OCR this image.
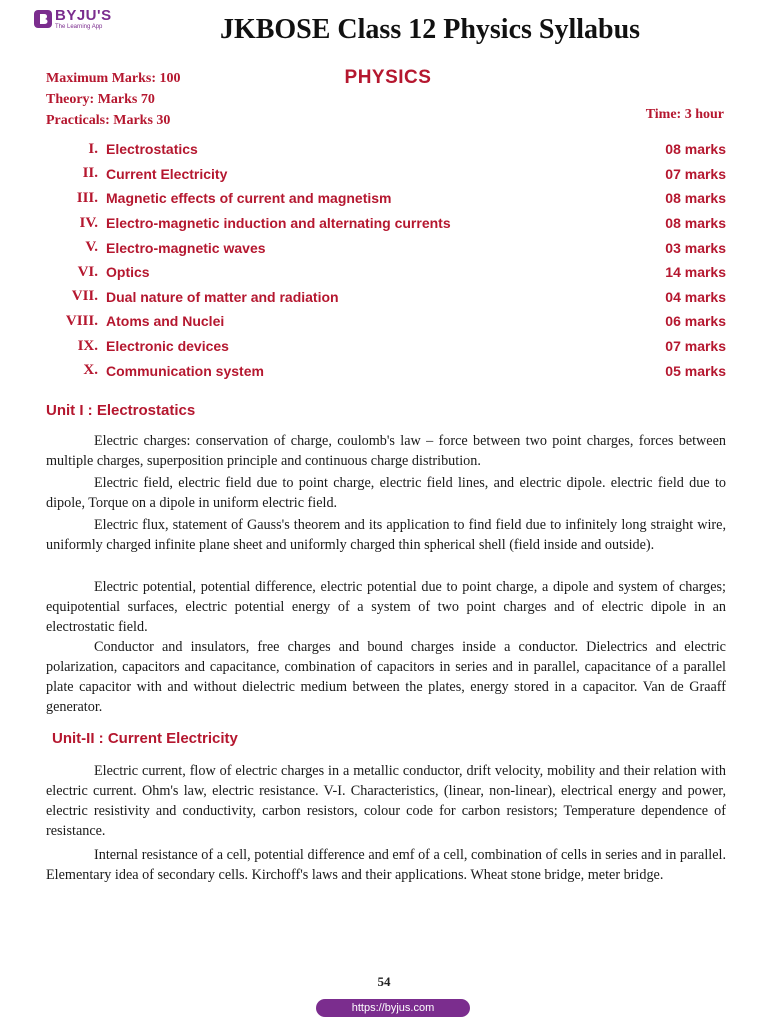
BYJU'S
The Learning App	JKBOSE Class 12 Physics Syllabus
Maximum Marks: 100
Theory: Marks 70
Practicals: Marks 30
PHYSICS
Time: 3 hour
I. Electrostatics	08 marks
II. Current Electricity	07 marks
III. Magnetic effects of current and magnetism	08 marks
IV. Electro-magnetic induction and alternating currents	08 marks
V. Electro-magnetic waves	03 marks
VI. Optics	14 marks
VII. Dual nature of matter and radiation	04 marks
VIII. Atoms and Nuclei	06 marks
IX. Electronic devices	07 marks
X. Communication system	05 marks
Unit I : Electrostatics

Electric charges: conservation of charge, coulomb's law – force between two point charges, forces between multiple charges, superposition principle and continuous charge distribution.

Electric field, electric field due to point charge, electric field lines, and electric dipole. electric field due to dipole, Torque on a dipole in uniform electric field.

Electric flux, statement of Gauss's theorem and its application to find field due to infinitely long straight wire, uniformly charged infinite plane sheet and uniformly charged thin spherical shell (field inside and outside).

Electric potential, potential difference, electric potential due to point charge, a dipole and system of charges; equipotential surfaces, electric potential energy of a system of two point charges and of electric dipole in an electrostatic field.

Conductor and insulators, free charges and bound charges inside a conductor. Dielectrics and electric polarization, capacitors and capacitance, combination of capacitors in series and in parallel, capacitance of a parallel plate capacitor with and without dielectric medium between the plates, energy stored in a capacitor. Van de Graaff generator.

Unit-II : Current Electricity

Electric current, flow of electric charges in a metallic conductor, drift velocity, mobility and their relation with electric current. Ohm's law, electric resistance. V-I. Characteristics, (linear, non-linear), electrical energy and power, electric resistivity and conductivity, carbon resistors, colour code for carbon resistors; Temperature dependence of resistance.

Internal resistance of a cell, potential difference and emf of a cell, combination of cells in series and in parallel. Elementary idea of secondary cells. Kirchoff's laws and their applications. Wheat stone bridge, meter bridge.

54
https://byjus.com
